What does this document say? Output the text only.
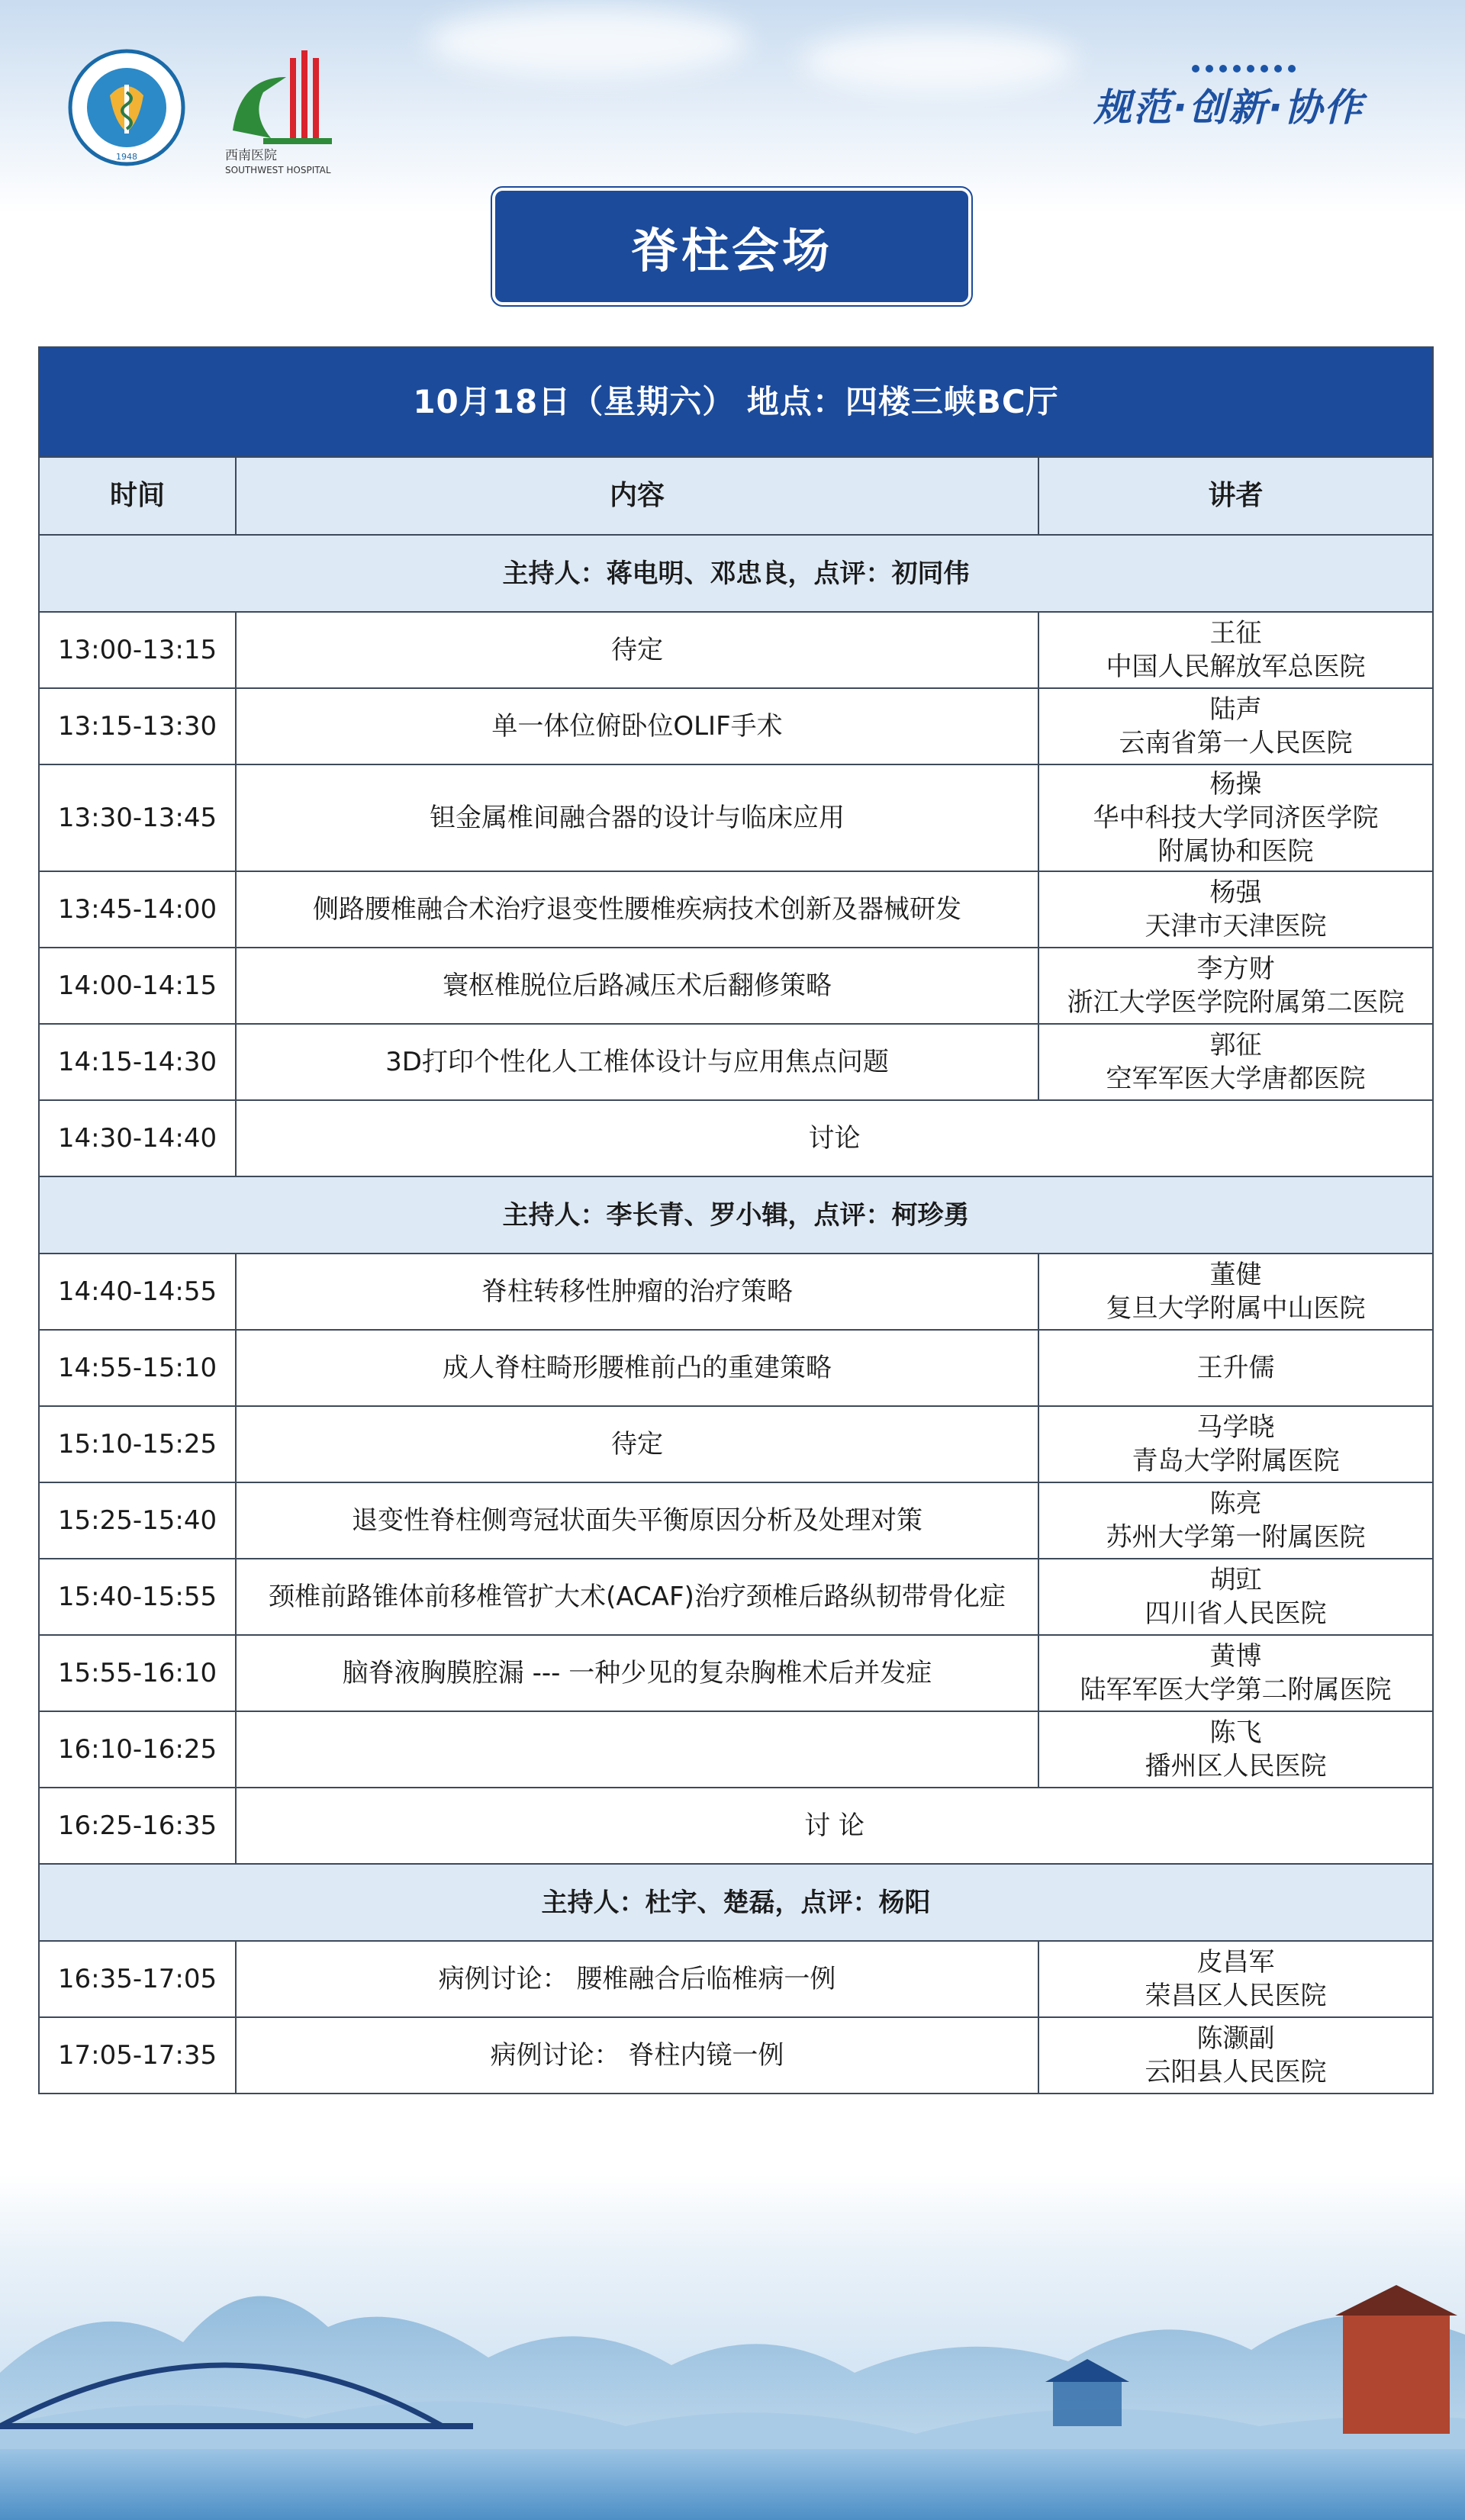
1948	西南医院
SOUTHWEST HOSPITAL
规范·创新·协作
脊柱会场
10月18日（星期六） 地点：四楼三峡BC厅		
时间	内容	讲者
主持人：蒋电明、邓忠良，点评：初同伟		
13:00-13:15	待定	王征
中国人民解放军总医院

13:15-13:30	单一体位俯卧位OLIF手术	陆声
云南省第一人民医院

13:30-13:45	钽金属椎间融合器的设计与临床应用	杨操
华中科技大学同济医学院
附属协和医院

13:45-14:00	侧路腰椎融合术治疗退变性腰椎疾病技术创新及器械研发	杨强
天津市天津医院

14:00-14:15	寰枢椎脱位后路减压术后翻修策略	李方财
浙江大学医学院附属第二医院

14:15-14:30	3D打印个性化人工椎体设计与应用焦点问题	郭征
空军军医大学唐都医院

14:30-14:40	讨论	
主持人：李长青、罗小辑，点评：柯珍勇		
14:40-14:55	脊柱转移性肿瘤的治疗策略	董健
复旦大学附属中山医院

14:55-15:10	成人脊柱畸形腰椎前凸的重建策略	王升儒

15:10-15:25	待定	马学晓
青岛大学附属医院

15:25-15:40	退变性脊柱侧弯冠状面失平衡原因分析及处理对策	陈亮
苏州大学第一附属医院

15:40-15:55	颈椎前路锥体前移椎管扩大术(ACAF)治疗颈椎后路纵韧带骨化症	胡豇
四川省人民医院

15:55-16:10	脑脊液胸膜腔漏 --- 一种少见的复杂胸椎术后并发症	黄博
陆军军医大学第二附属医院

16:10-16:25		陈飞
播州区人民医院

16:25-16:35	讨 论	
主持人：杜宇、楚磊，点评：杨阳		
16:35-17:05	病例讨论： 腰椎融合后临椎病一例	皮昌军
荣昌区人民医院

17:05-17:35	病例讨论： 脊柱内镜一例	陈灏副
云阳县人民医院
